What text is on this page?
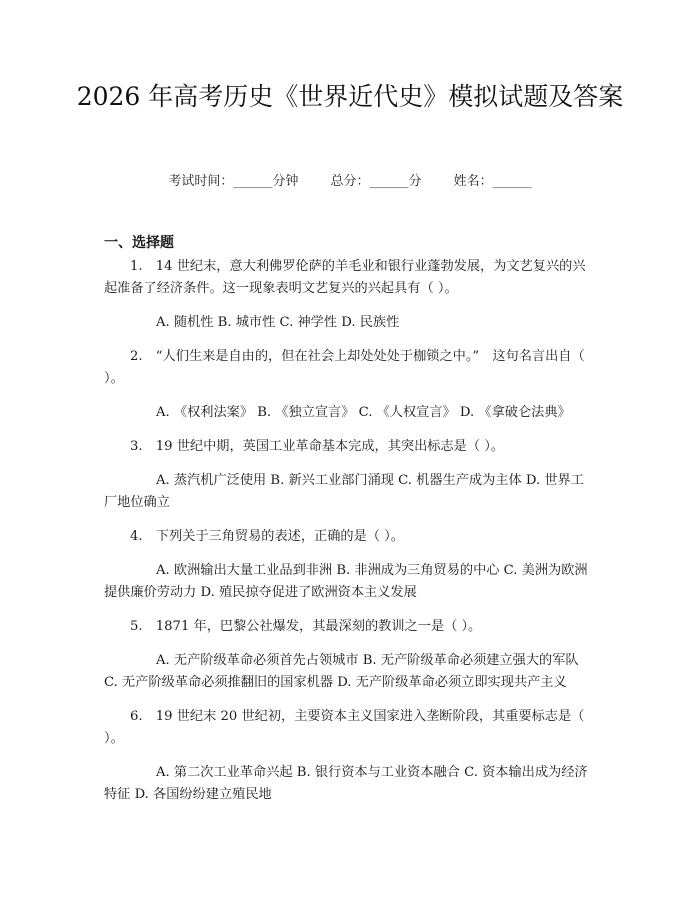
2026 年高考历史《世界近代史》模拟试题及答案
考试时间：______分钟 总分：______分 姓名：______
一、选择题

1.　14 世纪末，意大利佛罗伦萨的羊毛业和银行业蓬勃发展，为文艺复兴的兴起准备了经济条件。这一现象表明文艺复兴的兴起具有（ ）。

A. 随机性 B. 城市性 C. 神学性 D. 民族性

2.　“人们生来是自由的，但在社会上却处处处于枷锁之中。”　这句名言出自（ ）。

A. 《权利法案》 B. 《独立宣言》 C. 《人权宣言》 D. 《拿破仑法典》

3.　19 世纪中期，英国工业革命基本完成，其突出标志是（ ）。

A. 蒸汽机广泛使用 B. 新兴工业部门涌现 C. 机器生产成为主体 D. 世界工厂地位确立

4.　下列关于三角贸易的表述，正确的是（ ）。

A. 欧洲输出大量工业品到非洲 B. 非洲成为三角贸易的中心 C. 美洲为欧洲提供廉价劳动力 D. 殖民掠夺促进了欧洲资本主义发展

5.　1871 年，巴黎公社爆发，其最深刻的教训之一是（ ）。

A. 无产阶级革命必须首先占领城市 B. 无产阶级革命必须建立强大的军队 C. 无产阶级革命必须推翻旧的国家机器 D. 无产阶级革命必须立即实现共产主义

6.　19 世纪末 20 世纪初，主要资本主义国家进入垄断阶段，其重要标志是（ ）。

A. 第二次工业革命兴起 B. 银行资本与工业资本融合 C. 资本输出成为经济特征 D. 各国纷纷建立殖民地
